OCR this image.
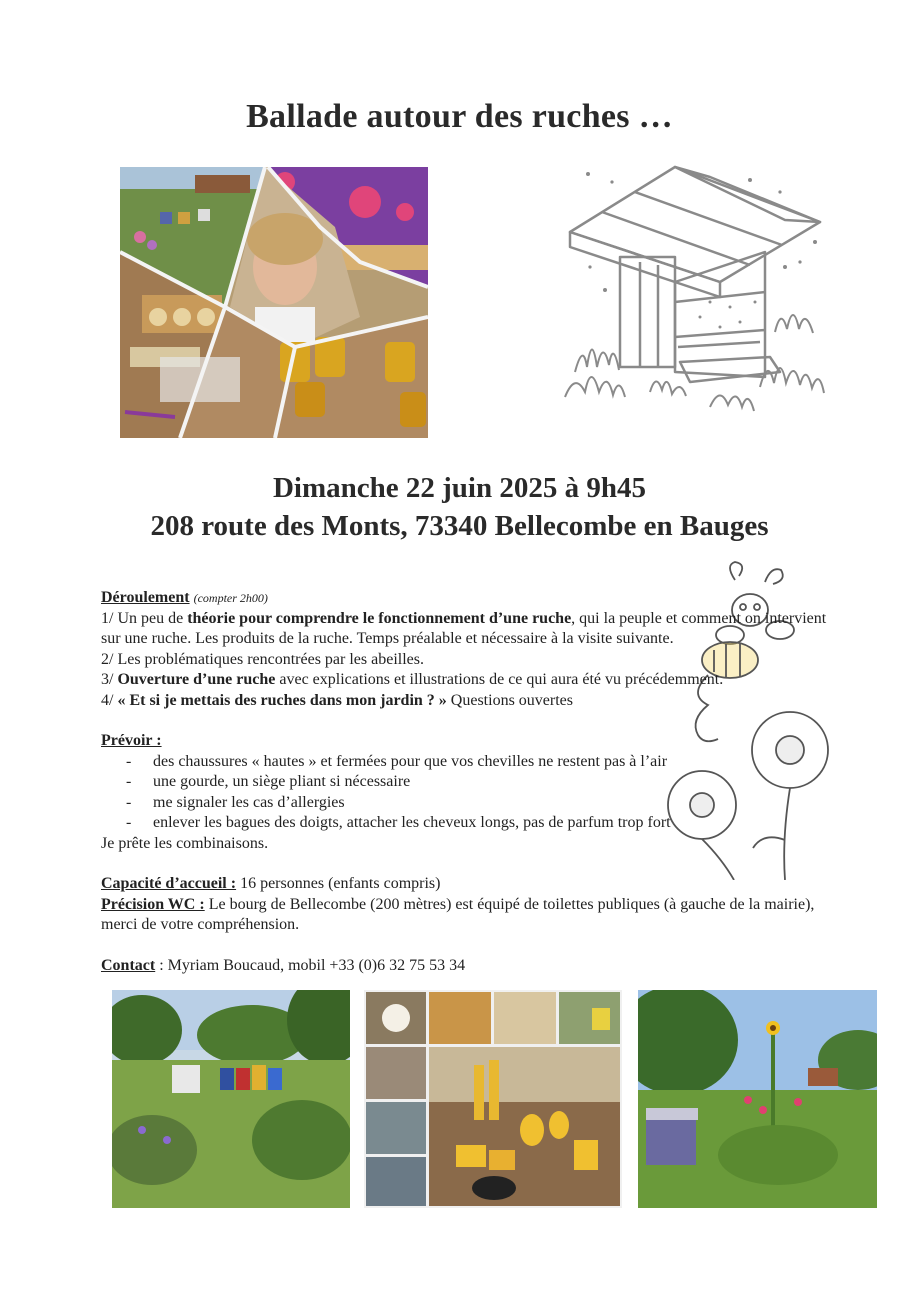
Ballade autour des ruches …
Dimanche 22 juin 2025 à 9h45
208 route des Monts, 73340 Bellecombe en Bauges

Déroulement (compter 2h00)

1/ Un peu de théorie pour comprendre le fonctionnement d’une ruche, qui la peuple et comment on intervient sur une ruche. Les produits de la ruche. Temps préalable et nécessaire à la visite suivante.

2/ Les problématiques rencontrées par les abeilles.

3/ Ouverture d’une ruche avec explications et illustrations de ce qui aura été vu précédemment.

4/ « Et si je mettais des ruches dans mon jardin ? » Questions ouvertes

Prévoir :

- des chaussures « hautes » et fermées pour que vos chevilles ne restent pas à l’air
- une gourde, un siège pliant si nécessaire
- me signaler les cas d’allergies
- enlever les bagues des doigts, attacher les cheveux longs, pas de parfum trop fort

Je prête les combinaisons.

Capacité d’accueil : 16 personnes (enfants compris)

Précision WC : Le bourg de Bellecombe (200 mètres) est équipé de toilettes publiques (à gauche de la mairie), merci de votre compréhension.

Contact : Myriam Boucaud, mobil +33 (0)6 32 75 53 34
